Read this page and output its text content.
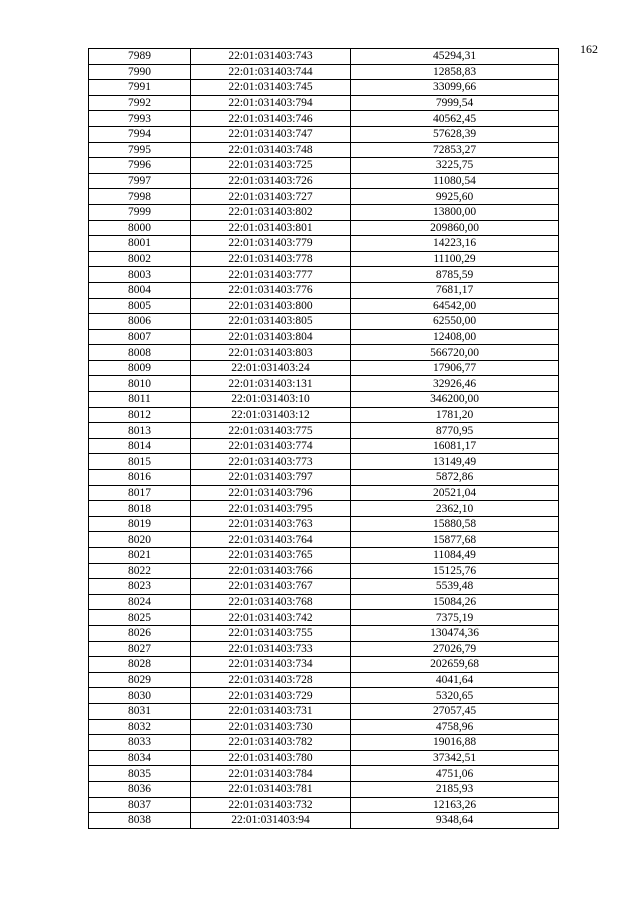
162
7989	22:01:031403:743	45294,31
7990	22:01:031403:744	12858,83
7991	22:01:031403:745	33099,66
7992	22:01:031403:794	7999,54
7993	22:01:031403:746	40562,45
7994	22:01:031403:747	57628,39
7995	22:01:031403:748	72853,27
7996	22:01:031403:725	3225,75
7997	22:01:031403:726	11080,54
7998	22:01:031403:727	9925,60
7999	22:01:031403:802	13800,00
8000	22:01:031403:801	209860,00
8001	22:01:031403:779	14223,16
8002	22:01:031403:778	11100,29
8003	22:01:031403:777	8785,59
8004	22:01:031403:776	7681,17
8005	22:01:031403:800	64542,00
8006	22:01:031403:805	62550,00
8007	22:01:031403:804	12408,00
8008	22:01:031403:803	566720,00
8009	22:01:031403:24	17906,77
8010	22:01:031403:131	32926,46
8011	22:01:031403:10	346200,00
8012	22:01:031403:12	1781,20
8013	22:01:031403:775	8770,95
8014	22:01:031403:774	16081,17
8015	22:01:031403:773	13149,49
8016	22:01:031403:797	5872,86
8017	22:01:031403:796	20521,04
8018	22:01:031403:795	2362,10
8019	22:01:031403:763	15880,58
8020	22:01:031403:764	15877,68
8021	22:01:031403:765	11084,49
8022	22:01:031403:766	15125,76
8023	22:01:031403:767	5539,48
8024	22:01:031403:768	15084,26
8025	22:01:031403:742	7375,19
8026	22:01:031403:755	130474,36
8027	22:01:031403:733	27026,79
8028	22:01:031403:734	202659,68
8029	22:01:031403:728	4041,64
8030	22:01:031403:729	5320,65
8031	22:01:031403:731	27057,45
8032	22:01:031403:730	4758,96
8033	22:01:031403:782	19016,88
8034	22:01:031403:780	37342,51
8035	22:01:031403:784	4751,06
8036	22:01:031403:781	2185,93
8037	22:01:031403:732	12163,26
8038	22:01:031403:94	9348,64
